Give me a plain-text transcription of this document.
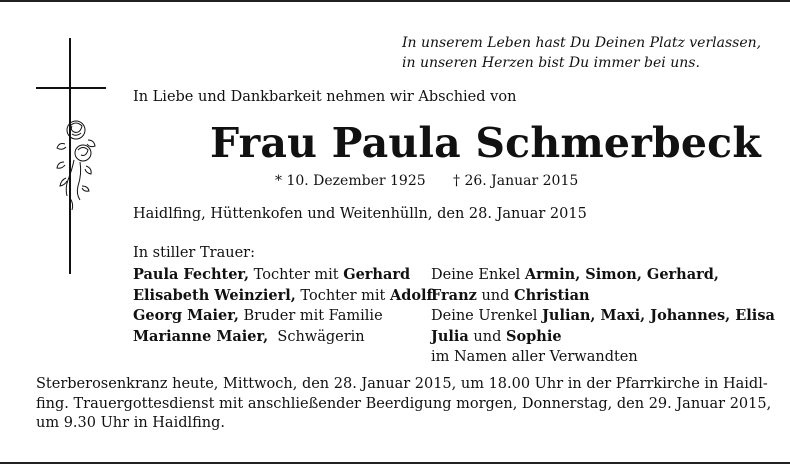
In unserem Leben hast Du Deinen Platz verlassen,
in unseren Herzen bist Du immer bei uns.
In Liebe und Dankbarkeit nehmen wir Abschied von
Frau Paula Schmerbeck
* 10. Dezember 1925 † 26. Januar 2015
Haidlfing, Hüttenkofen und Weitenhülln, den 28. Januar 2015
In stiller Trauer:
Paula Fechter, Tochter mit Gerhard
Elisabeth Weinzierl, Tochter mit Adolf
Georg Maier, Bruder mit Familie
Marianne Maier,  Schwägerin
Deine Enkel Armin, Simon, Gerhard,
Franz und Christian
Deine Urenkel Julian, Maxi, Johannes, Elisa
Julia und Sophie
im Namen aller Verwandten
Sterberosenkranz heute, Mittwoch, den 28. Januar 2015, um 18.00 Uhr in der Pfarrkirche in Haidl-
fing. Trauergottesdienst mit anschließender Beerdigung morgen, Donnerstag, den 29. Januar 2015,
um 9.30 Uhr in Haidlfing.
